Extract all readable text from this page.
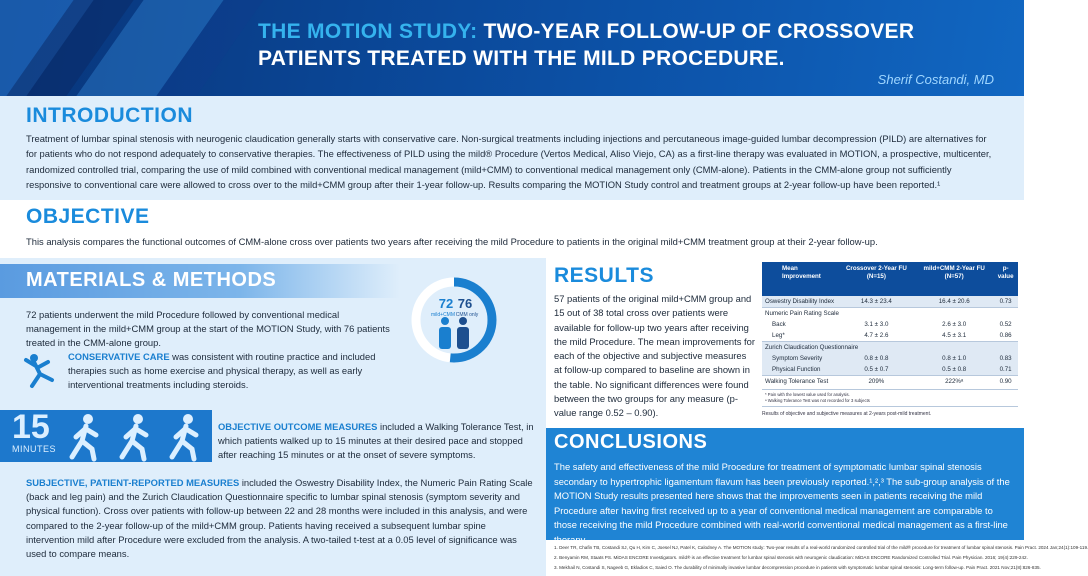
THE MOTION STUDY: TWO-YEAR FOLLOW-UP OF CROSSOVER PATIENTS TREATED WITH THE MILD PROCEDURE.
Sherif Costandi, MD
INTRODUCTION

Treatment of lumbar spinal stenosis with neurogenic claudication generally starts with conservative care. Non-surgical treatments including injections and percutaneous image-guided lumbar decompression (PILD) are alternatives for for patients who do not respond adequately to conservative therapies. The effectiveness of PILD using the mild® Procedure (Vertos Medical, Aliso Viejo, CA) as a first-line therapy was evaluated in MOTION, a prospective, multicenter, randomized controlled trial, comparing the use of mild combined with conventional medical management (mild+CMM) to conventional medical management only (CMM-alone). Patients in the CMM-alone group not sufficiently responsive to conventional care were allowed to cross over to the mild+CMM group after their 1-year follow-up. Results comparing the MOTION Study control and treatment groups at 2-year follow-up have been reported.¹

OBJECTIVE

This analysis compares the functional outcomes of CMM-alone cross over patients two years after receiving the mild Procedure to patients in the original mild+CMM treatment group at their 2-year follow-up.

MATERIALS & METHODS
72 patients underwent the mild Procedure followed by conventional medical management in the mild+CMM group at the start of the MOTION Study, with 76 patients treated in the CMM-alone group.
72 76
mild+CMM CMM only
CONSERVATIVE CARE was consistent with routine practice and included therapies such as home exercise and physical therapy, as well as early interventional treatments including steroids.
15
MINUTES
OBJECTIVE OUTCOME MEASURES included a Walking Tolerance Test, in which patients walked up to 15 minutes at their desired pace and stopped after reaching 15 minutes or at the onset of severe symptoms.
SUBJECTIVE, PATIENT-REPORTED MEASURES included the Oswestry Disability Index, the Numeric Pain Rating Scale (back and leg pain) and the Zurich Claudication Questionnaire specific to lumbar spinal stenosis (symptom severity and physical function). Cross over patients with follow-up between 22 and 28 months were included in this analysis, and were compared to the 2-year follow-up of the mild+CMM group. Patients having received a subsequent lumbar spine intervention mild after Procedure were excluded from the analysis. A two-tailed t-test at a 0.05 level of significance was used to compare means.
RESULTS
57 patients of the original mild+CMM group and 15 out of 38 total cross over patients were available for follow-up two years after receiving the mild Procedure. The mean improvements for each of the objective and subjective measures at follow-up compared to baseline are shown in the table. No significant differences were found between the two groups for any measure (p-value range 0.52 – 0.90).
Mean Improvement	Crossover 2-Year FU (N=15)	mild+CMM 2-Year FU (N=57)	p-value
Oswestry Disability Index	14.3 ± 23.4	16.4 ± 20.6	0.73
Numeric Pain Rating Scale			
Back	3.1 ± 3.0	2.6 ± 3.0	0.52
Leg*	4.7 ± 2.6	4.5 ± 3.1	0.86
Zurich Claudication Questionnaire			
Symptom Severity	0.8 ± 0.8	0.8 ± 1.0	0.83
Physical Function	0.5 ± 0.7	0.5 ± 0.8	0.71
Walking Tolerance Test	209%	222%ᵃ	0.90
* Pain with the lowest value used for analysis.
ᵃ Walking Tolerance Test was not recorded for 3 subjects
Results of objective and subjective measures at 2-years post-mild treatment.
CONCLUSIONS

The safety and effectiveness of the mild Procedure for treatment of symptomatic lumbar spinal stenosis secondary to hypertrophic ligamentum flavum has been previously reported.¹,²,³ The sub-group analysis of the MOTION Study results presented here shows that the improvements seen in patients receiving the mild Procedure after having first received up to a year of conventional medical management are comparable to those receiving the mild Procedure combined with real-world conventional medical management as a first-line

1. Deer TR, Chafin TB, Costandi SJ, Qu H, Kim C, Joesel NJ, Patel K, Calodney A. The MOTION study: Two-year results of a real-world randomized controlled trial of the mild® procedure for treatment of lumbar spinal stenosis. Pain Pract. 2024 Jan;24(1):109-119.
2. Benyamin RM, Staats PS. MiDAS ENCORE Investigators. mild® is an effective treatment for lumbar spinal stenosis with neurogenic claudication: MiDAS ENCORE Randomized Controlled Trial. Pain Physician. 2016; 19(4):229-242.
3. Mekhail N, Costandi S, Nageeb G, Ekladios C, Saied O. The durability of minimally invasive lumbar decompression procedure in patients with symptomatic lumbar spinal stenosis: Long-term follow-up. Pain Pract. 2021 Nov;21(8):826-835.
